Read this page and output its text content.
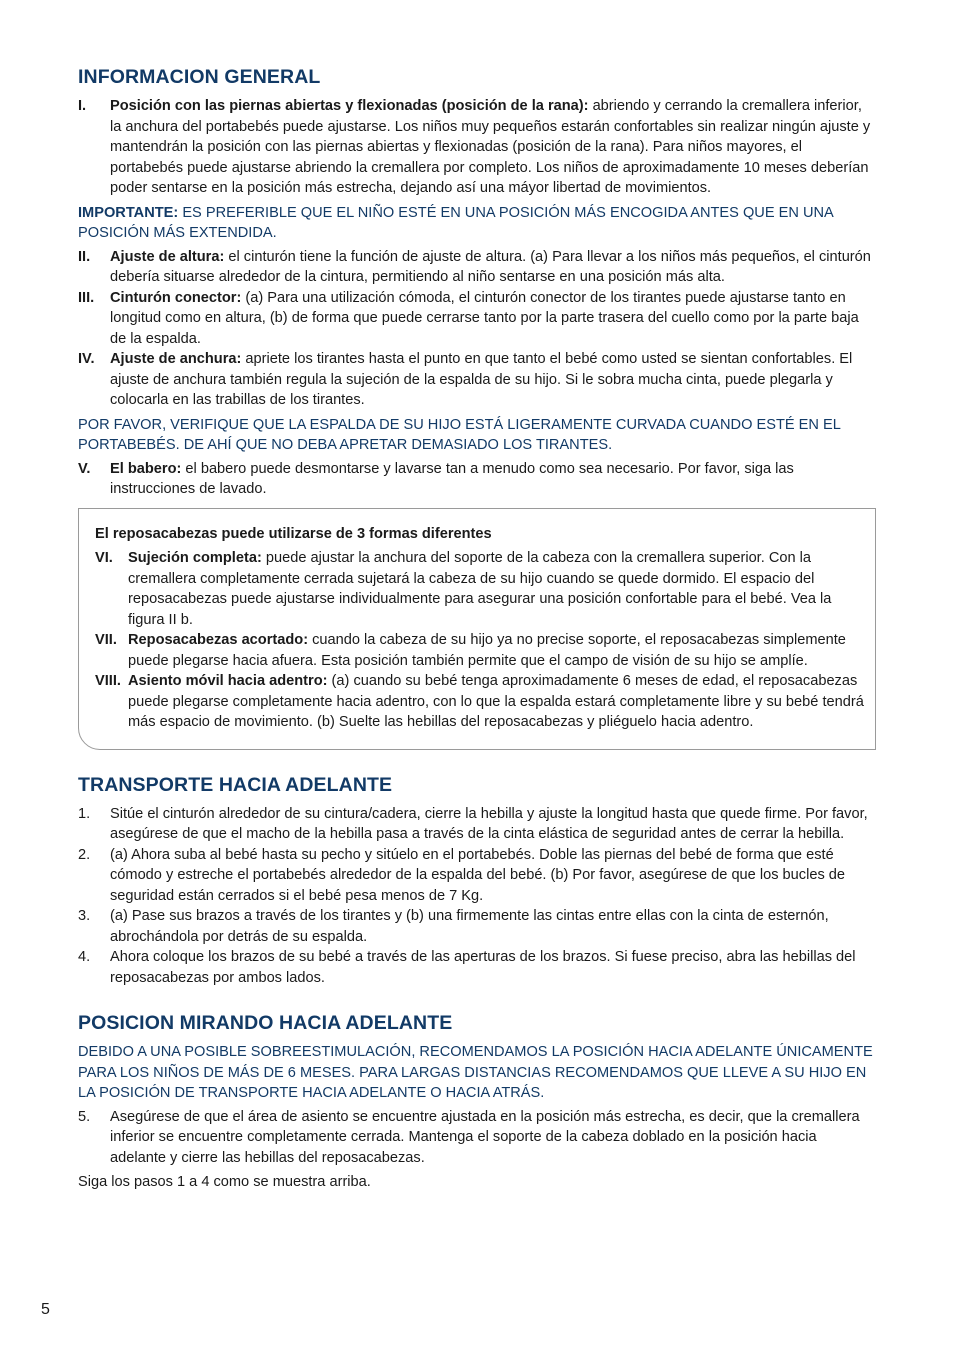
INFORMACION GENERAL
I.	Posición con las piernas abiertas y flexionadas (posición de la rana): abriendo y cerrando la cremallera inferior, la anchura del portabebés puede ajustarse. Los niños muy pequeños estarán confortables sin realizar ningún ajuste y mantendrán la posición con las piernas abiertas y flexionadas (posición de la rana). Para niños mayores, el portabebés puede ajustarse abriendo la cremallera por completo. Los niños de aproximadamente 10 meses deberían poder sentarse en la posición más estrecha, dejando así una máyor libertad de movimientos.
IMPORTANTE: ES PREFERIBLE QUE EL NIÑO ESTÉ EN UNA POSICIÓN MÁS ENCOGIDA ANTES QUE EN UNA POSICIÓN MÁS EXTENDIDA.
II.	Ajuste de altura: el cinturón tiene la función de ajuste de altura. (a) Para llevar a los niños más pequeños, el cinturón debería situarse alrededor de la cintura, permitiendo al niño sentarse en una posición más alta.
III.	Cinturón conector: (a) Para una utilización cómoda, el cinturón conector de los tirantes puede ajustarse tanto en longitud como en altura, (b) de forma que puede cerrarse tanto por la parte trasera del cuello como por la parte baja de la espalda.
IV.	Ajuste de anchura: apriete los tirantes hasta el punto en que tanto el bebé como usted se sientan confortables. El ajuste de anchura también regula la sujeción de la espalda de su hijo. Si le sobra mucha cinta, puede plegarla y colocarla en las trabillas de los tirantes.
POR FAVOR, VERIFIQUE QUE LA ESPALDA DE SU HIJO ESTÁ LIGERAMENTE CURVADA CUANDO ESTÉ EN EL PORTABEBÉS. DE AHÍ QUE NO DEBA APRETAR DEMASIADO LOS TIRANTES.
V.	El babero: el babero puede desmontarse y lavarse tan a menudo como sea necesario. Por favor, siga las instrucciones de lavado.
El reposacabezas puede utilizarse de 3 formas diferentes
VI.	Sujeción completa: puede ajustar la anchura del soporte de la cabeza con la cremallera superior. Con la cremallera completamente cerrada sujetará la cabeza de su hijo cuando se quede dormido. El espacio del reposacabezas puede ajustarse individualmente para asegurar una posición confortable para el bebé. Vea la figura II b.
VII. Reposacabezas acortado: cuando la cabeza de su hijo ya no precise soporte, el reposacabezas simplemente puede plegarse hacia afuera. Esta posición también permite que el campo de visión de su hijo se amplíe.
VIII. Asiento móvil hacia adentro: (a) cuando su bebé tenga aproximadamente 6 meses de edad, el reposacabezas puede plegarse completamente hacia adentro, con lo que la espalda estará completamente libre y su bebé tendrá más espacio de movimiento. (b) Suelte las hebillas del reposacabezas y pliéguelo hacia adentro.
TRANSPORTE HACIA ADELANTE
1.	Sitúe el cinturón alrededor de su cintura/cadera, cierre la hebilla y ajuste la longitud hasta que quede firme. Por favor, asegúrese de que el macho de la hebilla pasa a través de la cinta elástica de seguridad antes de cerrar la hebilla.
2.	(a) Ahora suba al bebé hasta su pecho y sitúelo en el portabebés. Doble las piernas del bebé de forma que esté cómodo y estreche el portabebés alrededor de la espalda del bebé. (b) Por favor, asegúrese de que los bucles de seguridad están cerrados si el bebé pesa menos de 7 Kg.
3.	(a) Pase sus brazos a través de los tirantes y (b) una firmemente las cintas entre ellas con la cinta de esternón, abrochándola por detrás de su espalda.
4.	Ahora coloque los brazos de su bebé a través de las aperturas de los brazos. Si fuese preciso, abra las hebillas del reposacabezas por ambos lados.
POSICION MIRANDO HACIA ADELANTE
DEBIDO A UNA POSIBLE SOBREESTIMULACIÓN, RECOMENDAMOS LA POSICIÓN HACIA ADELANTE ÚNICAMENTE PARA LOS NIÑOS DE MÁS DE 6 MESES. PARA LARGAS DISTANCIAS RECOMENDAMOS QUE LLEVE A SU HIJO EN LA POSICIÓN DE TRANSPORTE HACIA ADELANTE O HACIA ATRÁS.
5.	Asegúrese de que el área de asiento se encuentre ajustada en la posición más estrecha, es decir, que la cremallera inferior se encuentre completamente cerrada. Mantenga el soporte de la cabeza doblado en la posición hacia adelante y cierre las hebillas del reposacabezas.
Siga los pasos 1 a 4 como se muestra arriba.
5
